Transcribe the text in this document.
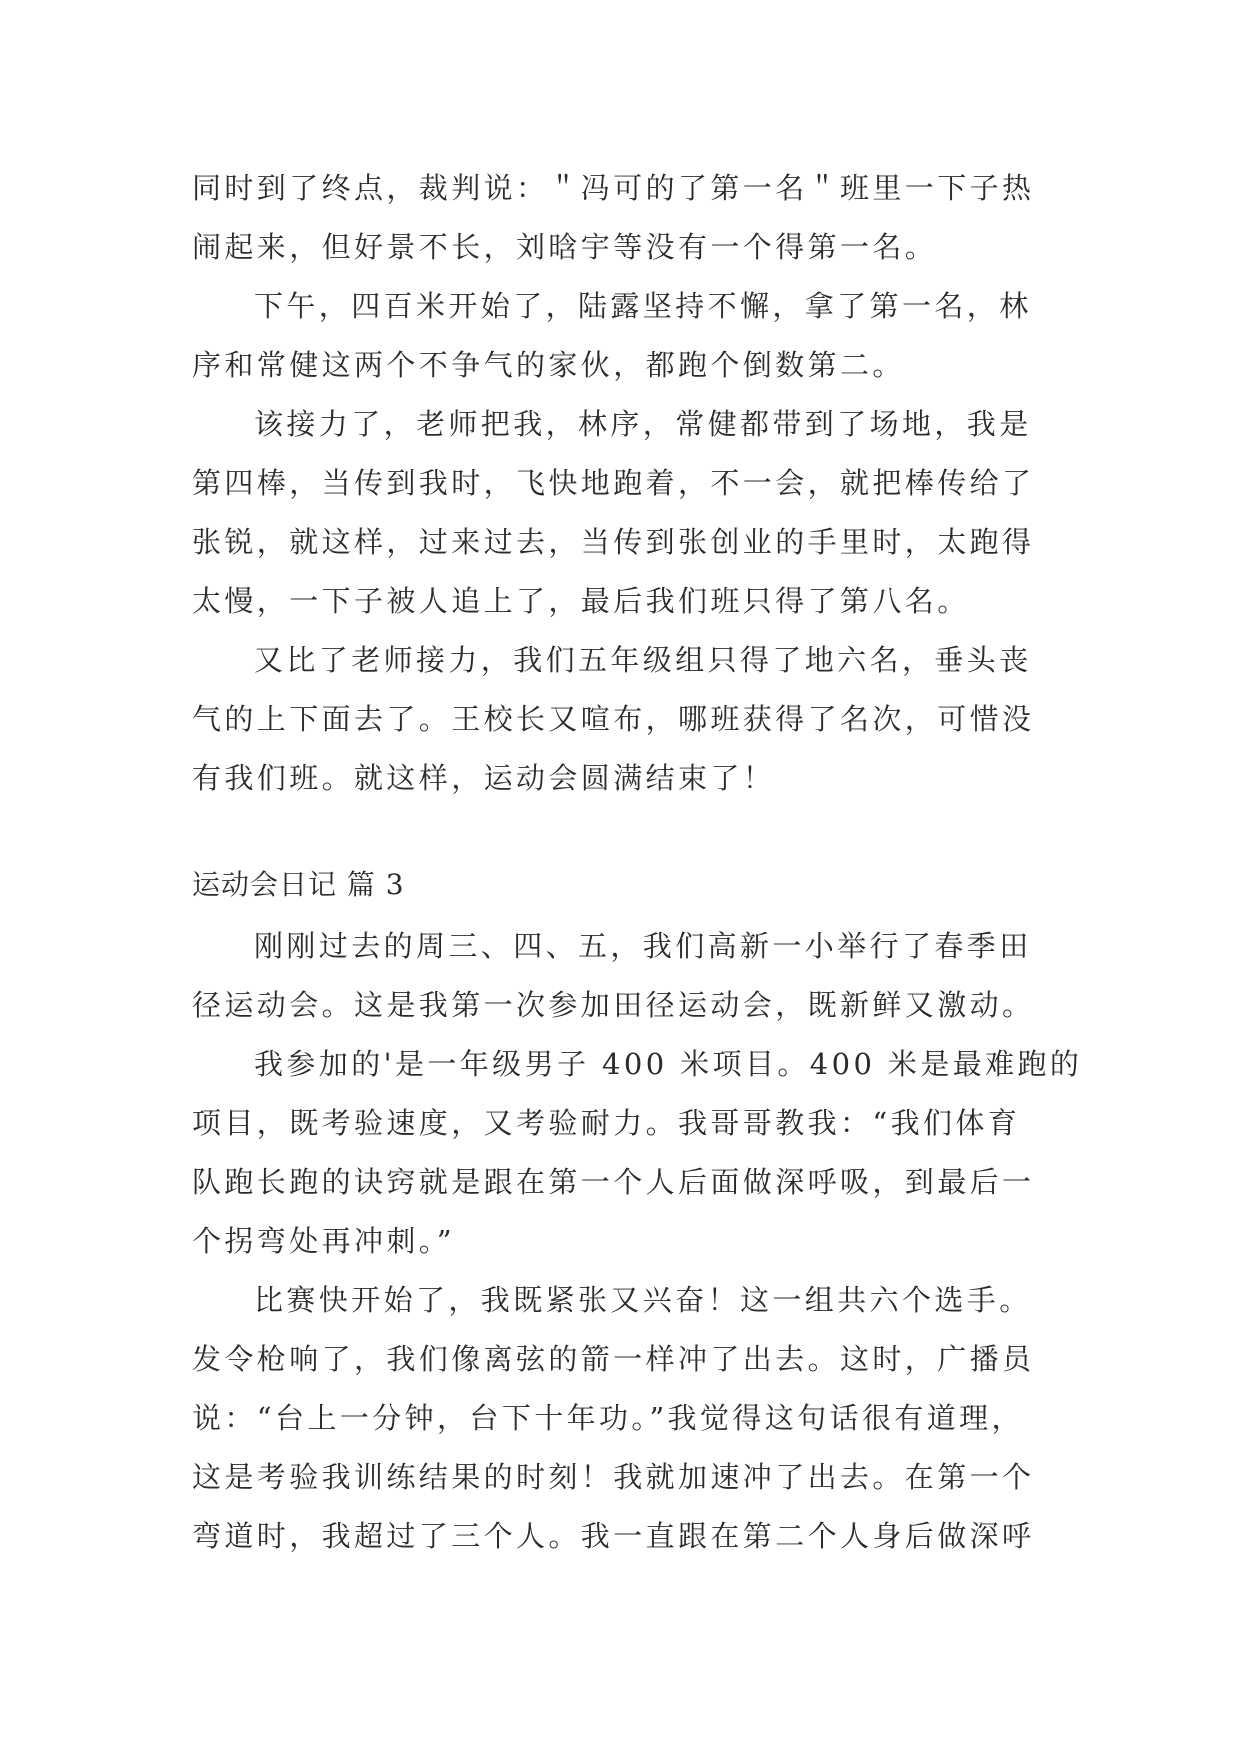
同时到了终点，裁判说：＂冯可的了第一名＂班里一下子热
闹起来，但好景不长，刘晗宇等没有一个得第一名。
下午，四百米开始了，陆露坚持不懈，拿了第一名，林
序和常健这两个不争气的家伙，都跑个倒数第二。
该接力了，老师把我，林序，常健都带到了场地，我是
第四棒，当传到我时，飞快地跑着，不一会，就把棒传给了
张锐，就这样，过来过去，当传到张创业的手里时，太跑得
太慢，一下子被人追上了，最后我们班只得了第八名。
又比了老师接力，我们五年级组只得了地六名，垂头丧
气的上下面去了。王校长又喧布，哪班获得了名次，可惜没
有我们班。就这样，运动会圆满结束了！
运动会日记 篇 3
刚刚过去的周三、四、五，我们高新一小举行了春季田
径运动会。这是我第一次参加田径运动会，既新鲜又激动。
我参加的'是一年级男子 400 米项目。400 米是最难跑的
项目，既考验速度，又考验耐力。我哥哥教我：“我们体育
队跑长跑的诀窍就是跟在第一个人后面做深呼吸，到最后一
个拐弯处再冲刺。”
比赛快开始了，我既紧张又兴奋！这一组共六个选手。
发令枪响了，我们像离弦的箭一样冲了出去。这时，广播员
说：“台上一分钟，台下十年功。”我觉得这句话很有道理，
这是考验我训练结果的时刻！我就加速冲了出去。在第一个
弯道时，我超过了三个人。我一直跟在第二个人身后做深呼
